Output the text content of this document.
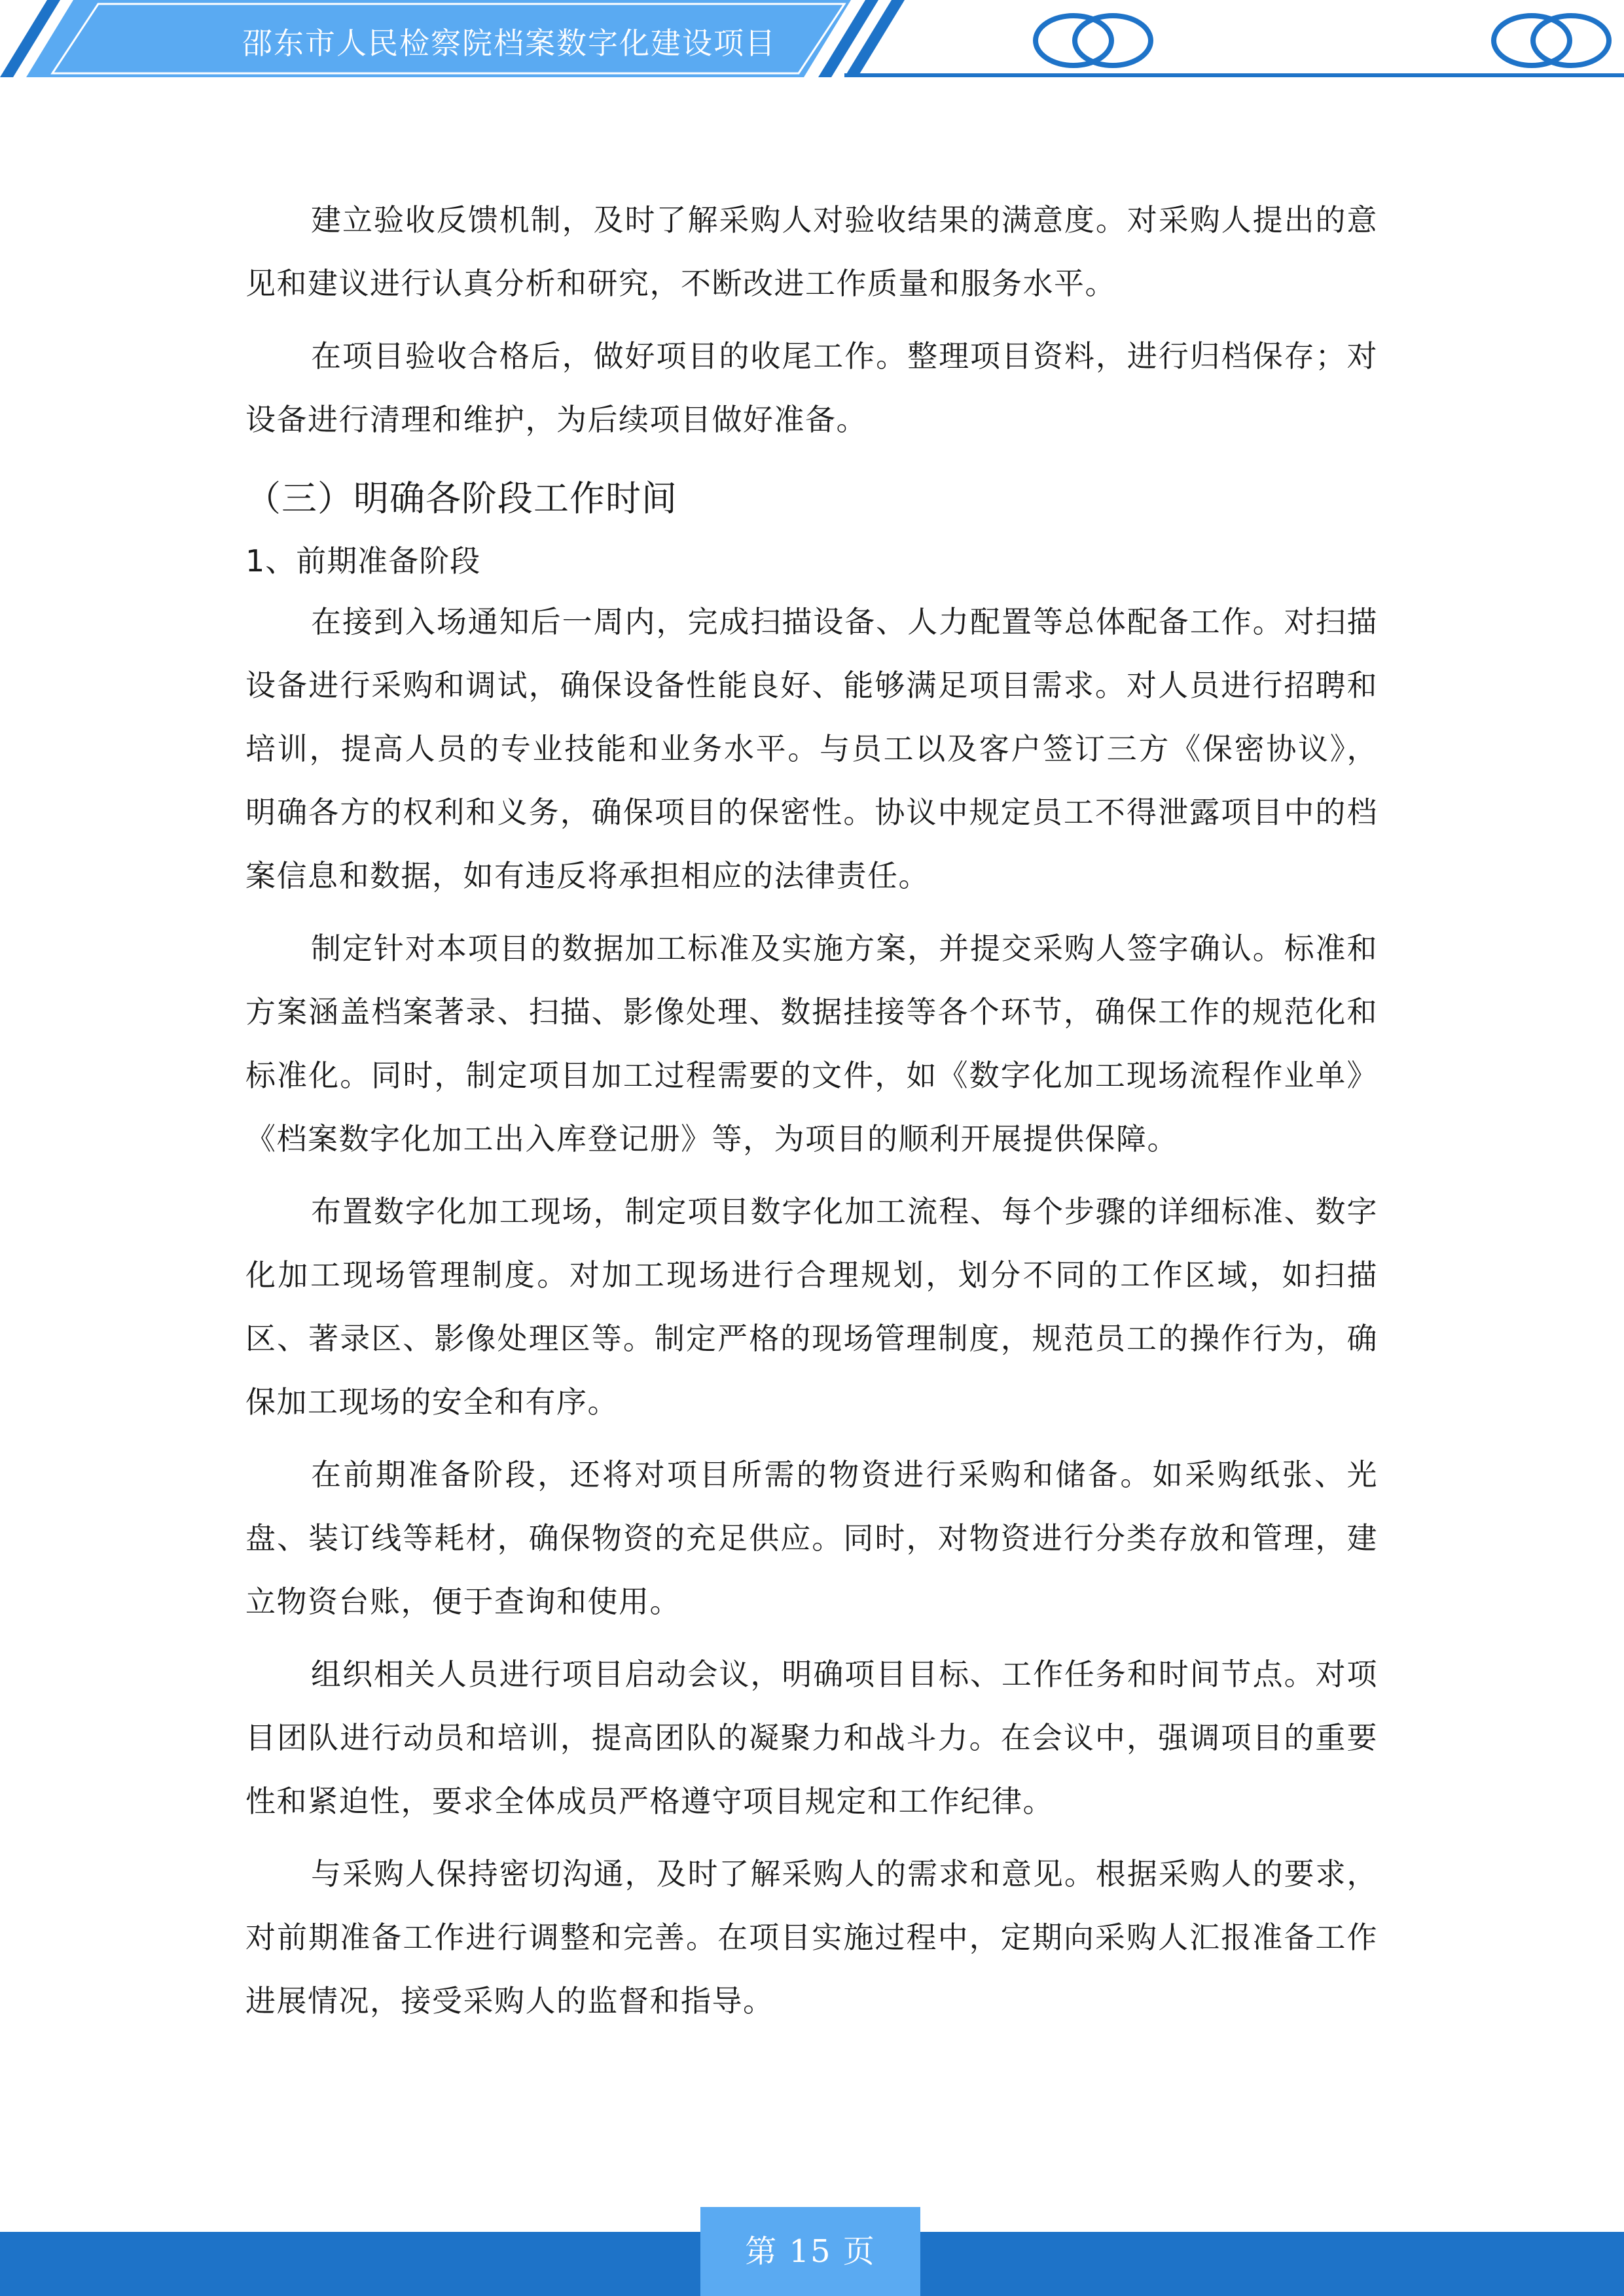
邵东市人民检察院档案数字化建设项目

建立验收反馈机制，及时了解采购人对验收结果的满意度。对采购人提出的意见和建议进行认真分析和研究，不断改进工作质量和服务水平。

在项目验收合格后，做好项目的收尾工作。整理项目资料，进行归档保存；对设备进行清理和维护，为后续项目做好准备。

（三）明确各阶段工作时间
1、前期准备阶段

在接到入场通知后一周内，完成扫描设备、人力配置等总体配备工作。对扫描设备进行采购和调试，确保设备性能良好、能够满足项目需求。对人员进行招聘和培训，提高人员的专业技能和业务水平。与员工以及客户签订三方《保密协议》，明确各方的权利和义务，确保项目的保密性。协议中规定员工不得泄露项目中的档案信息和数据，如有违反将承担相应的法律责任。

制定针对本项目的数据加工标准及实施方案，并提交采购人签字确认。标准和方案涵盖档案著录、扫描、影像处理、数据挂接等各个环节，确保工作的规范化和标准化。同时，制定项目加工过程需要的文件，如《数字化加工现场流程作业单》《档案数字化加工出入库登记册》等，为项目的顺利开展提供保障。

布置数字化加工现场，制定项目数字化加工流程、每个步骤的详细标准、数字化加工现场管理制度。对加工现场进行合理规划，划分不同的工作区域，如扫描区、著录区、影像处理区等。制定严格的现场管理制度，规范员工的操作行为，确保加工现场的安全和有序。

在前期准备阶段，还将对项目所需的物资进行采购和储备。如采购纸张、光盘、装订线等耗材，确保物资的充足供应。同时，对物资进行分类存放和管理，建立物资台账，便于查询和使用。

组织相关人员进行项目启动会议，明确项目目标、工作任务和时间节点。对项目团队进行动员和培训，提高团队的凝聚力和战斗力。在会议中，强调项目的重要性和紧迫性，要求全体成员严格遵守项目规定和工作纪律。

与采购人保持密切沟通，及时了解采购人的需求和意见。根据采购人的要求，对前期准备工作进行调整和完善。在项目实施过程中，定期向采购人汇报准备工作进展情况，接受采购人的监督和指导。

第 15 页
